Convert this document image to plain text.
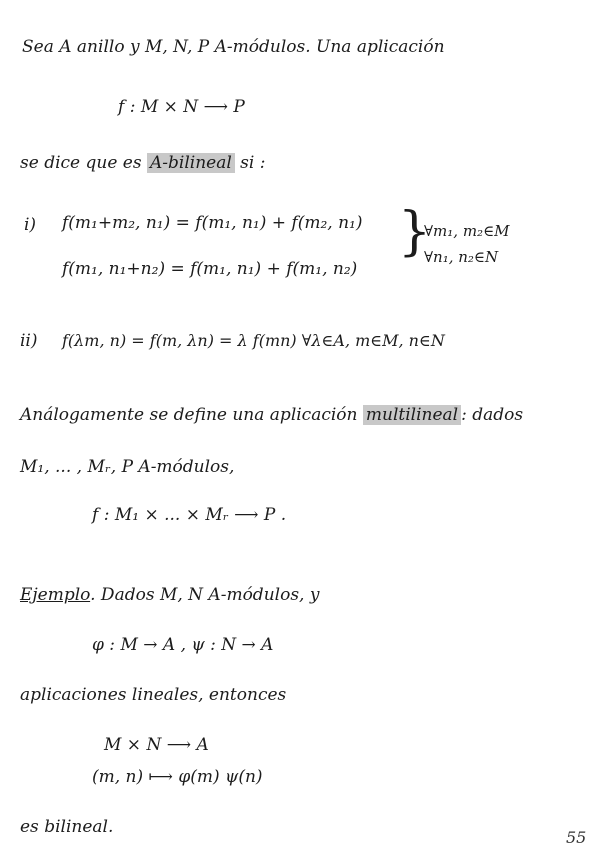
Sea A anillo y M, N, P A-módulos. Una aplicación
f : M × N ⟶ P
se dice que es A-bilineal si :
i) f(m₁+m₂, n₁) = f(m₁, n₁) + f(m₂, n₁)
f(m₁, n₁+n₂) = f(m₁, n₁) + f(m₁, n₂)
}
∀m₁, m₂∈M
∀n₁, n₂∈N
ii) f(λm, n) = f(m, λn) = λ f(mn) ∀λ∈A, m∈M, n∈N
Análogamente se define una aplicación multilineal : dados
M₁, ... , Mᵣ, P A-módulos,
f : M₁ × ... × Mᵣ ⟶ P .
Ejemplo. Dados M, N A-módulos, y
φ : M → A , ψ : N → A
aplicaciones lineales, entonces
M × N ⟶ A
(m, n) ⟼ φ(m) ψ(n)
es bilineal.
55
